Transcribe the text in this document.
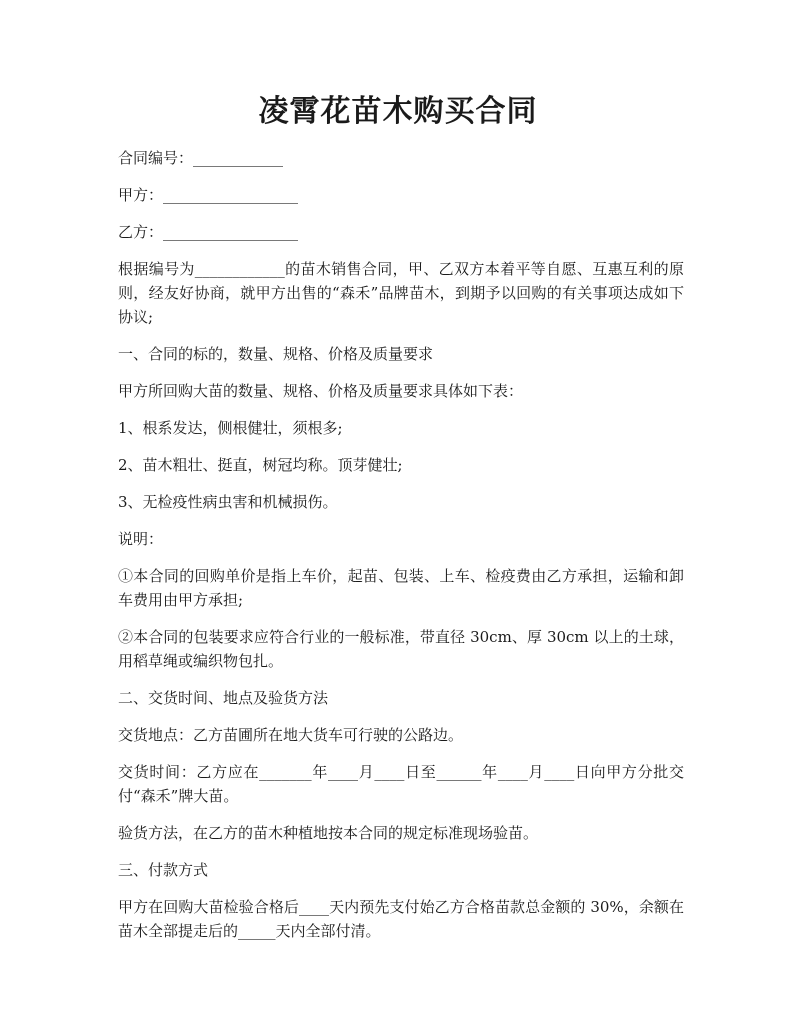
凌霄花苗木购买合同

合同编号：____________

甲方：__________________

乙方：__________________

根据编号为____________的苗木销售合同，甲、乙双方本着平等自愿、互惠互利的原则，经友好协商，就甲方出售的“森禾”品牌苗木，到期予以回购的有关事项达成如下协议;

一、合同的标的，数量、规格、价格及质量要求

甲方所回购大苗的数量、规格、价格及质量要求具体如下表：

1、根系发达，侧根健壮，须根多;

2、苗木粗壮、挺直，树冠均称。顶芽健壮;

3、无检疫性病虫害和机械损伤。

说明：

①本合同的回购单价是指上车价，起苗、包装、上车、检疫费由乙方承担，运输和卸车费用由甲方承担;

②本合同的包装要求应符合行业的一般标准，带直径 30cm、厚 30cm 以上的土球，用稻草绳或编织物包扎。

二、交货时间、地点及验货方法

交货地点：乙方苗圃所在地大货车可行驶的公路边。

交货时间：乙方应在_______年____月____日至______年____月____日向甲方分批交付“森禾”牌大苗。

验货方法，在乙方的苗木种植地按本合同的规定标准现场验苗。

三、付款方式

甲方在回购大苗检验合格后____天内预先支付始乙方合格苗款总金额的 30%，余额在苗木全部提走后的_____天内全部付清。
